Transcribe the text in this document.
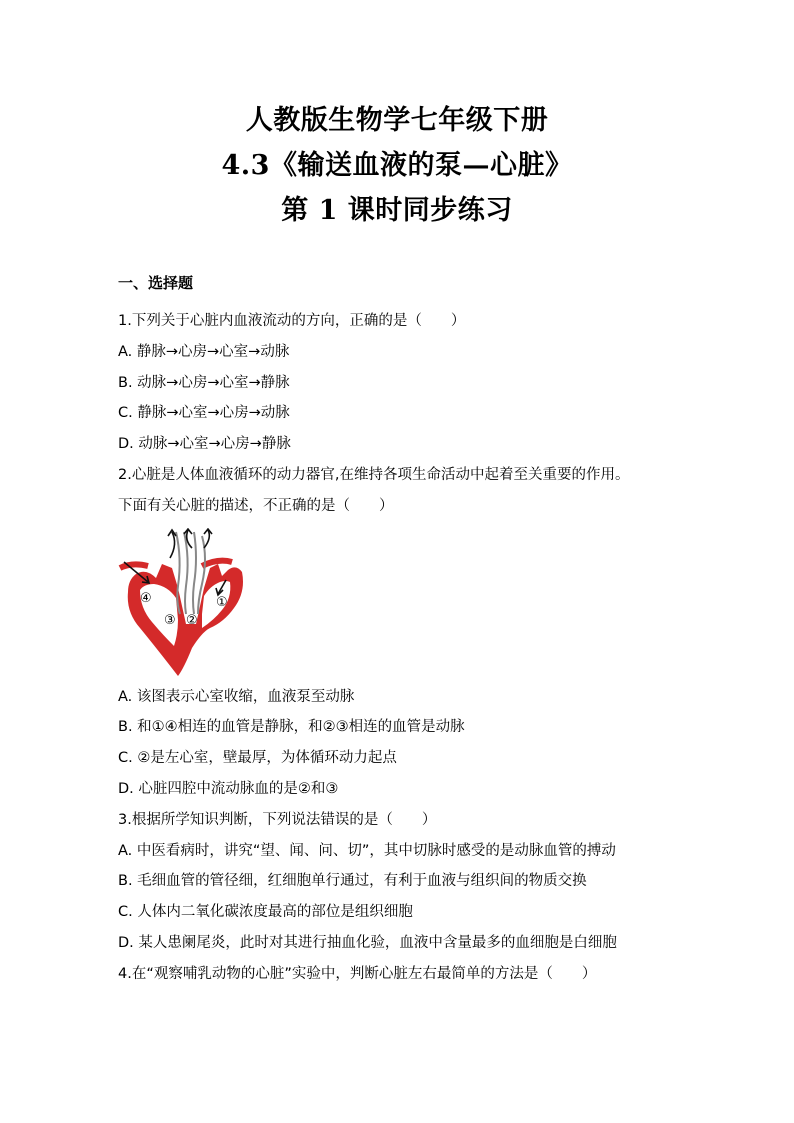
人教版生物学七年级下册
4.3《输送血液的泵—心脏》
第 1 课时同步练习
一、选择题
1.下列关于心脏内血液流动的方向，正确的是（　　）
A. 静脉→心房→心室→动脉
B. 动脉→心房→心室→静脉
C. 静脉→心室→心房→动脉
D. 动脉→心室→心房→静脉
2.心脏是人体血液循环的动力器官,在维持各项生命活动中起着至关重要的作用。
下面有关心脏的描述，不正确的是（　　）
④
③ ②
①
A. 该图表示心室收缩，血液泵至动脉
B. 和①④相连的血管是静脉，和②③相连的血管是动脉
C. ②是左心室，壁最厚，为体循环动力起点
D. 心脏四腔中流动脉血的是②和③
3.根据所学知识判断，下列说法错误的是（　　）
A. 中医看病时，讲究“望、闻、问、切”，其中切脉时感受的是动脉血管的搏动
B. 毛细血管的管径细，红细胞单行通过，有利于血液与组织间的物质交换
C. 人体内二氧化碳浓度最高的部位是组织细胞
D. 某人患阑尾炎，此时对其进行抽血化验，血液中含量最多的血细胞是白细胞
4.在“观察哺乳动物的心脏”实验中，判断心脏左右最简单的方法是（　　）
